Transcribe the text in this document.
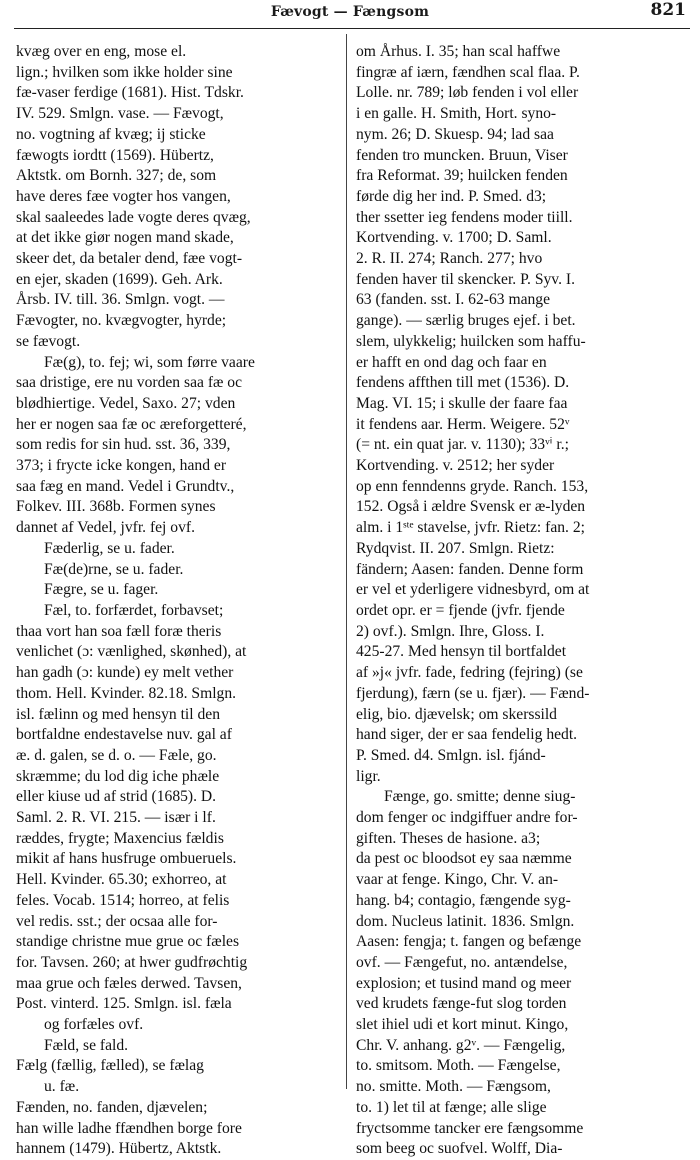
Fævogt — Fængsom	821
kvæg over en eng, mose el.
lign.; hvilken som ikke holder sine
fæ-vaser ferdige (1681). Hist. Tdskr.
IV. 529. Smlgn. vase. — Fævogt,
no. vogtning af kvæg; ij sticke
fæwogts iordtt (1569). Hübertz,
Aktstk. om Bornh. 327; de, som
have deres fæe vogter hos vangen,
skal saaleedes lade vogte deres qvæg,
at det ikke giør nogen mand skade,
skeer det, da betaler dend, fæe vogt-
en ejer, skaden (1699). Geh. Ark.
Årsb. IV. till. 36. Smlgn. vogt. —
Fævogter, no. kvægvogter, hyrde;
se fævogt.
Fæ(g), to. fej; wi, som førre vaare
saa dristige, ere nu vorden saa fæ oc
blødhiertige. Vedel, Saxo. 27; vden
her er nogen saa fæ oc æreforgetteré,
som redis for sin hud. sst. 36, 339,
373; i frycte icke kongen, hand er
saa fæg en mand. Vedel i Grundtv.,
Folkev. III. 368b. Formen synes
dannet af Vedel, jvfr. fej ovf.
Fæderlig, se u. fader.
Fæ(de)rne, se u. fader.
Fægre, se u. fager.
Fæl, to. forfærdet, forbavset;
thaa vort han soa fæll foræ theris
venlichet (ɔ: vænlighed, skønhed), at
han gadh (ɔ: kunde) ey melt vether
thom. Hell. Kvinder. 82.18. Smlgn.
isl. fælinn og med hensyn til den
bortfaldne endestavelse nuv. gal af
æ. d. galen, se d. o. — Fæle, go.
skræmme; du lod dig iche phæle
eller kiuse ud af strid (1685). D.
Saml. 2. R. VI. 215. — især i lf.
ræddes, frygte; Maxencius fældis
mikit af hans husfruge ombueruels.
Hell. Kvinder. 65.30; exhorreo, at
feles. Vocab. 1514; horreo, at felis
vel redis. sst.; der ocsaa alle for-
standige christne mue grue oc fæles
for. Tavsen. 260; at hwer gudfrøchtig
maa grue och fæles derwed. Tavsen,
Post. vinterd. 125. Smlgn. isl. fæla
og forfæles ovf.
Fæld, se fald.
Fælg (fællig, fælled), se fælag
u. fæ.
Fænden, no. fanden, djævelen;
han wille ladhe ffændhen borge fore
hannem (1479). Hübertz, Aktstk.
om Århus. I. 35; han scal haffwe
fingræ af iærn, fændhen scal flaa. P.
Lolle. nr. 789; løb fenden i vol eller
i en galle. H. Smith, Hort. syno-
nym. 26; D. Skuesp. 94; lad saa
fenden tro muncken. Bruun, Viser
fra Reformat. 39; huilcken fenden
førde dig her ind. P. Smed. d3;
ther ssetter ieg fendens moder tiill.
Kortvending. v. 1700; D. Saml.
2. R. II. 274; Ranch. 277; hvo
fenden haver til skencker. P. Syv. I.
63 (fanden. sst. I. 62-63 mange
gange). — særlig bruges ejef. i bet.
slem, ulykkelig; huilcken som haffu-
er hafft en ond dag och faar en
fendens affthen till met (1536). D.
Mag. VI. 15; i skulle der faare faa
it fendens aar. Herm. Weigere. 52ᵛ
(= nt. ein quat jar. v. 1130); 33ᵛⁱ r.;
Kortvending. v. 2512; her syder
op enn fenndenns gryde. Ranch. 153,
152. Også i ældre Svensk er æ-lyden
alm. i 1ˢᵗᵉ stavelse, jvfr. Rietz: fan. 2;
Rydqvist. II. 207. Smlgn. Rietz:
fändern; Aasen: fanden. Denne form
er vel et yderligere vidnesbyrd, om at
ordet opr. er = fjende (jvfr. fjende
2) ovf.). Smlgn. Ihre, Gloss. I.
425-27. Med hensyn til bortfaldet
af »j« jvfr. fade, fedring (fejring) (se
fjerdung), færn (se u. fjær). — Fænd-
elig, bio. djævelsk; om skerssild
hand siger, der er saa fendelig hedt.
P. Smed. d4. Smlgn. isl. fjánd-
ligr.
Fænge, go. smitte; denne siug-
dom fenger oc indgiffuer andre for-
giften. Theses de hasione. a3;
da pest oc bloodsot ey saa næmme
vaar at fenge. Kingo, Chr. V. an-
hang. b4; contagio, fængende syg-
dom. Nucleus latinit. 1836. Smlgn.
Aasen: fengja; t. fangen og befænge
ovf. — Fængefut, no. antændelse,
explosion; et tusind mand og meer
ved krudets fænge-fut slog torden
slet ihiel udi et kort minut. Kingo,
Chr. V. anhang. g2ᵛ. — Fængelig,
to. smitsom. Moth. — Fængelse,
no. smitte. Moth. — Fængsom,
to. 1) let til at fænge; alle slige
fryctsomme tancker ere fængsomme
som beeg oc suofvel. Wolff, Dia-
